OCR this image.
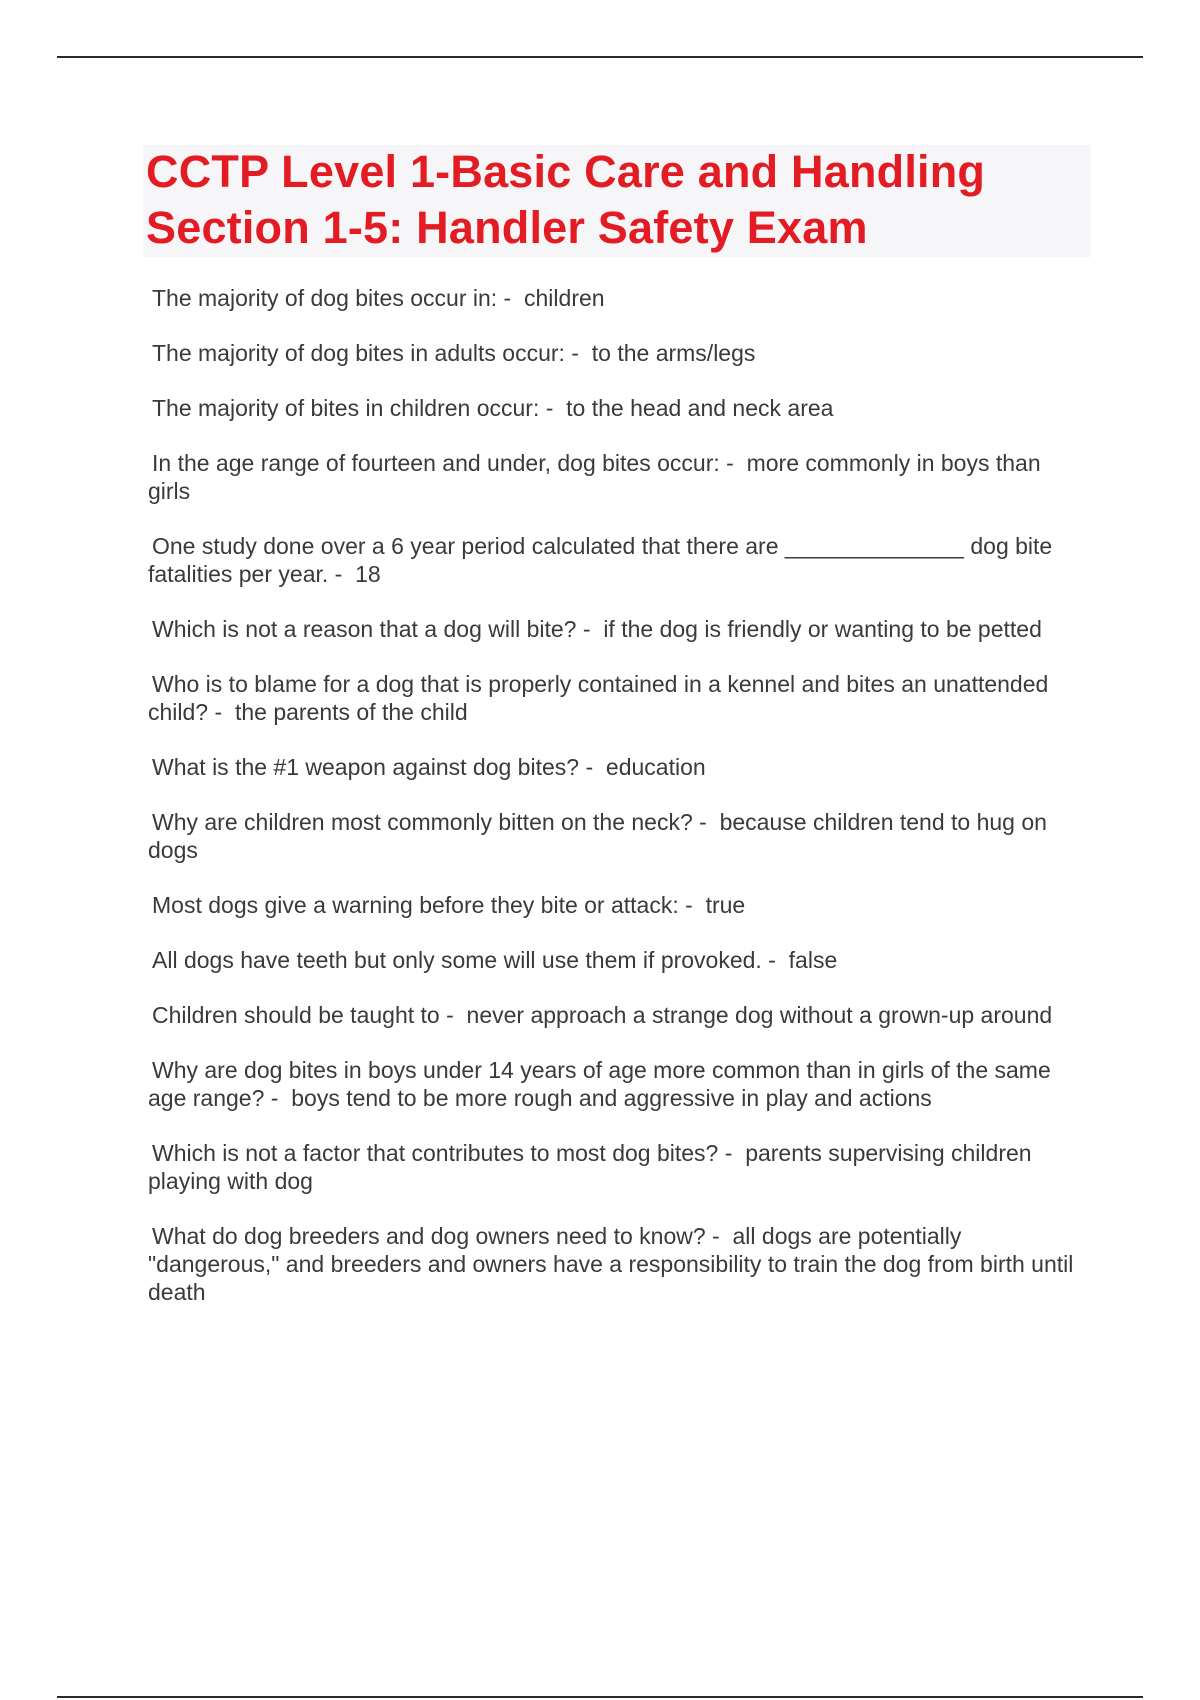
CCTP Level 1-Basic Care and Handling
Section 1-5: Handler Safety Exam

The majority of dog bites occur in: -  children

The majority of dog bites in adults occur: -  to the arms/legs

The majority of bites in children occur: -  to the head and neck area

In the age range of fourteen and under, dog bites occur: -  more commonly in boys than girls

One study done over a 6 year period calculated that there are ______________ dog bite fatalities per year. -  18

Which is not a reason that a dog will bite? -  if the dog is friendly or wanting to be petted

Who is to blame for a dog that is properly contained in a kennel and bites an unattended child? -  the parents of the child

What is the #1 weapon against dog bites? -  education

Why are children most commonly bitten on the neck? -  because children tend to hug on dogs

Most dogs give a warning before they bite or attack: -  true

All dogs have teeth but only some will use them if provoked. -  false

Children should be taught to -  never approach a strange dog without a grown-up around

Why are dog bites in boys under 14 years of age more common than in girls of the same age range? -  boys tend to be more rough and aggressive in play and actions

Which is not a factor that contributes to most dog bites? -  parents supervising children playing with dog

What do dog breeders and dog owners need to know? -  all dogs are potentially "dangerous," and breeders and owners have a responsibility to train the dog from birth until death
